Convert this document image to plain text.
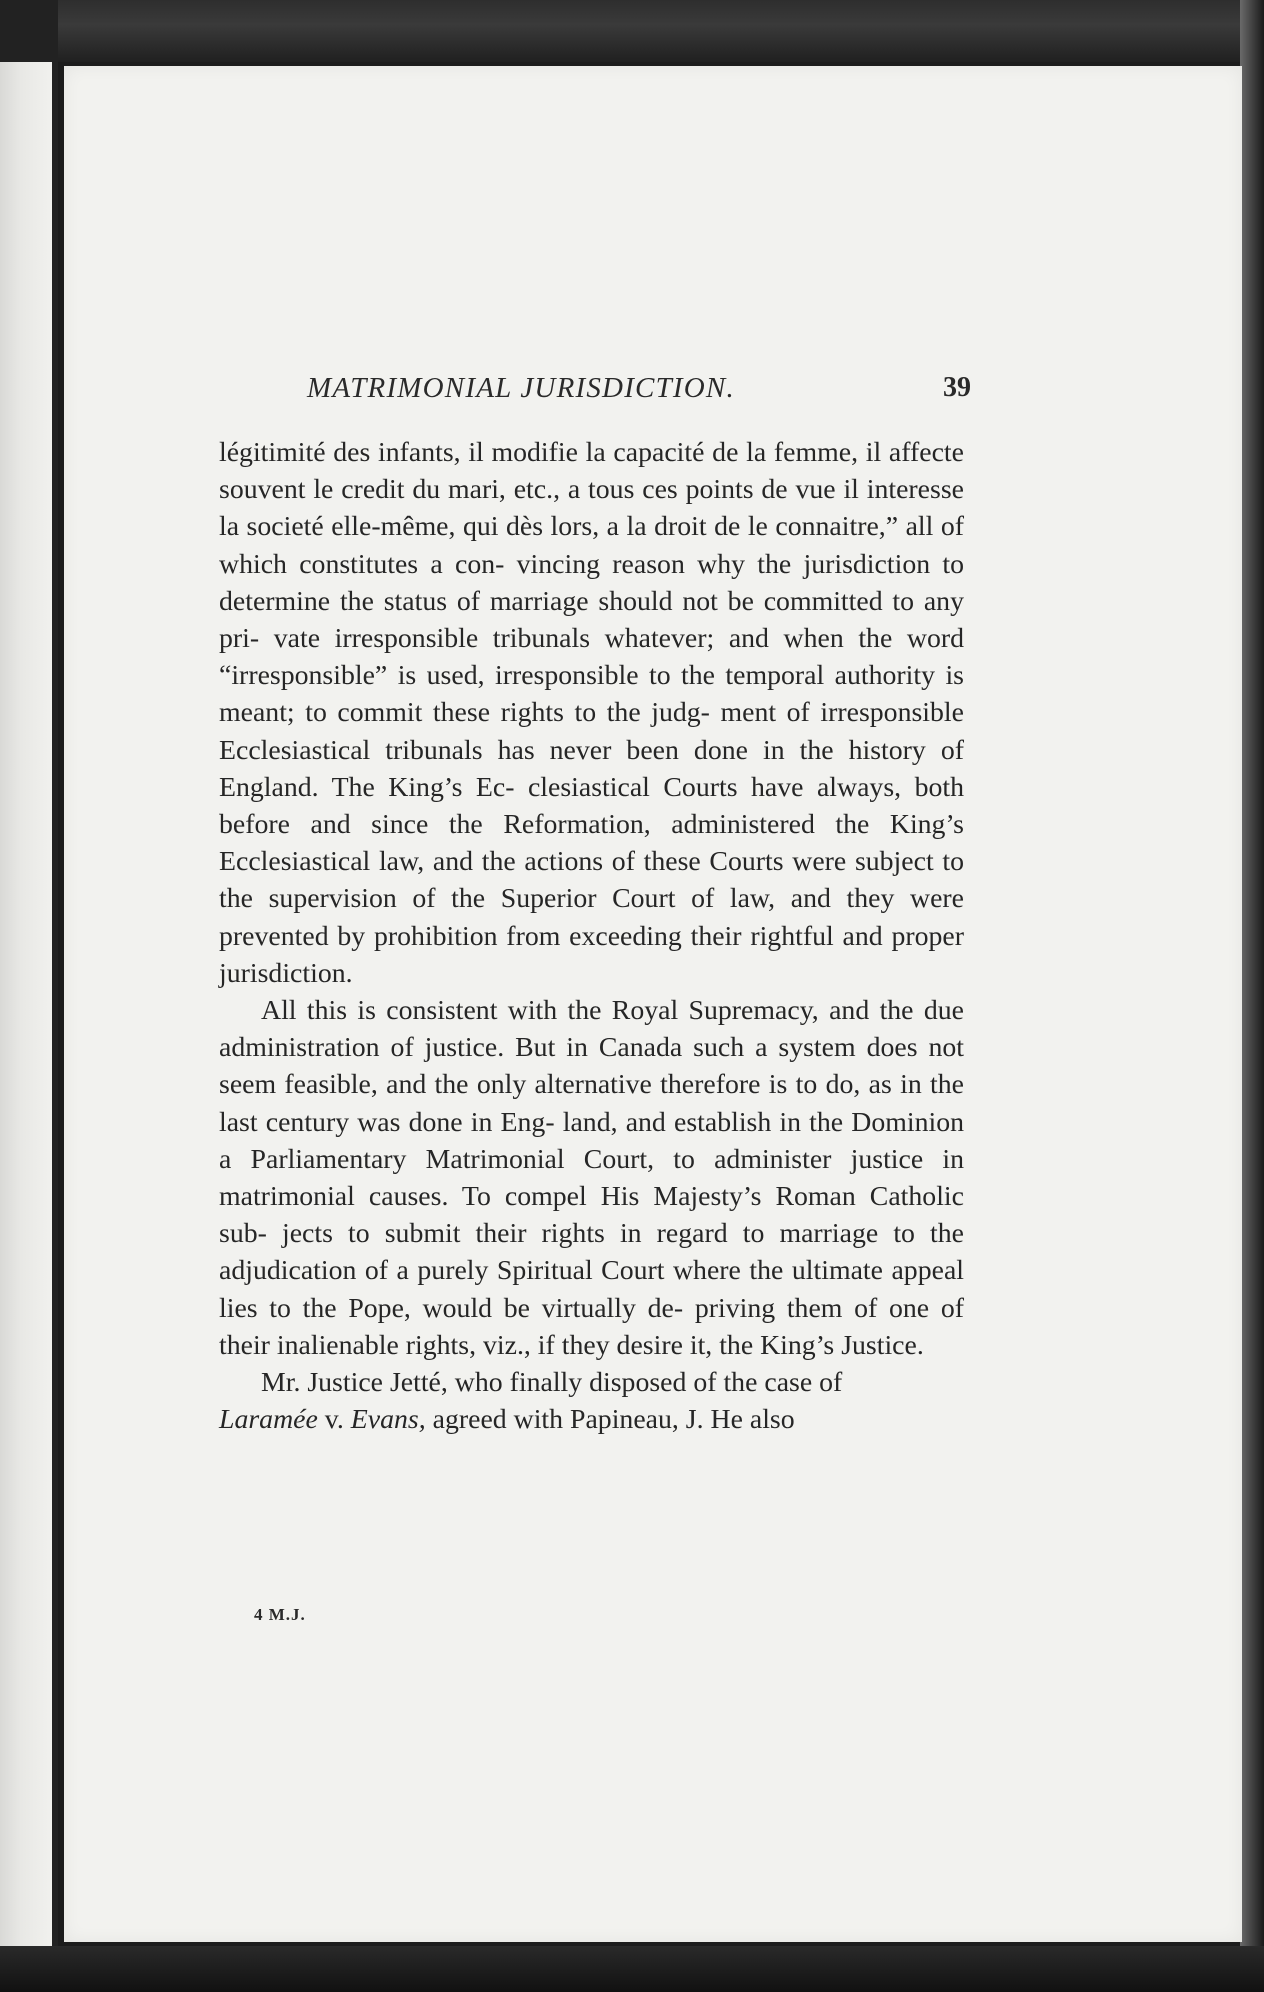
MATRIMONIAL JURISDICTION.	39

légitimité des infants, il modifie la capacité de la femme, il affecte souvent le credit du mari, etc., a tous ces points de vue il interesse la societé elle-même, qui dès lors, a la droit de le connaitre,” all of which constitutes a con- vincing reason why the jurisdiction to determine the status of marriage should not be committed to any pri- vate irresponsible tribunals whatever; and when the word “irresponsible” is used, irresponsible to the temporal authority is meant; to commit these rights to the judg- ment of irresponsible Ecclesiastical tribunals has never been done in the history of England. The King’s Ec- clesiastical Courts have always, both before and since the Reformation, administered the King’s Ecclesiastical law, and the actions of these Courts were subject to the supervision of the Superior Court of law, and they were prevented by prohibition from exceeding their rightful and proper jurisdiction.

All this is consistent with the Royal Supremacy, and the due administration of justice. But in Canada such a system does not seem feasible, and the only alternative therefore is to do, as in the last century was done in Eng- land, and establish in the Dominion a Parliamentary Matrimonial Court, to administer justice in matrimonial causes. To compel His Majesty’s Roman Catholic sub- jects to submit their rights in regard to marriage to the adjudication of a purely Spiritual Court where the ultimate appeal lies to the Pope, would be virtually de- priving them of one of their inalienable rights, viz., if they desire it, the King’s Justice.

Mr. Justice Jetté, who finally disposed of the case of
Laramée v. Evans, agreed with Papineau, J. He also

4 M.J.
